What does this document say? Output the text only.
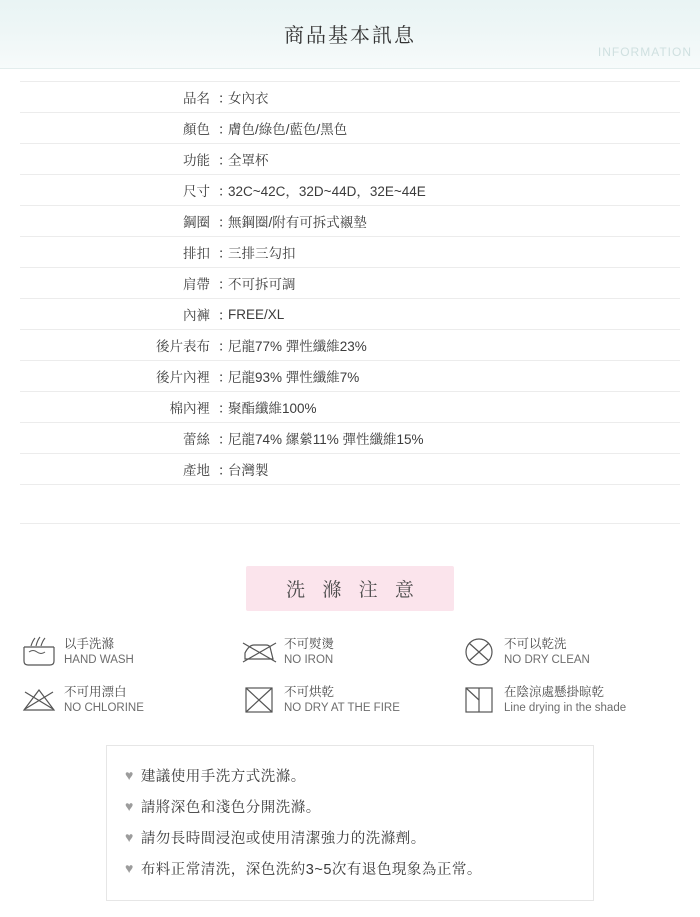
商品基本訊息
INFORMATION
品名 ：
女內衣
顏色 ：
膚色/綠色/藍色/黑色
功能 ：
全罩杯
尺寸 ：
32C~42C，32D~44D，32E~44E
鋼圈 ：
無鋼圈/附有可拆式襯墊
排扣 ：
三排三勾扣
肩帶 ：
不可拆可調
內褲 ：
FREE/XL
後片表布 ：
尼龍77% 彈性纖維23%
後片內裡 ：
尼龍93% 彈性纖維7%
棉內裡 ：
聚酯纖維100%
蕾絲 ：
尼龍74% 縲縈11% 彈性纖維15%
產地 ：
台灣製
洗 滌 注 意
以手洗滌
HAND WASH
不可熨燙
NO IRON
不可以乾洗
NO DRY CLEAN
不可用漂白
NO CHLORINE
不可烘乾
NO DRY AT THE FIRE
在陰涼處懸掛晾乾
Line drying in the shade
♥ 建議使用手洗方式洗滌。
♥ 請將深色和淺色分開洗滌。
♥ 請勿長時間浸泡或使用清潔強力的洗滌劑。
♥ 布料正常清洗，深色洗約3~5次有退色現象為正常。
